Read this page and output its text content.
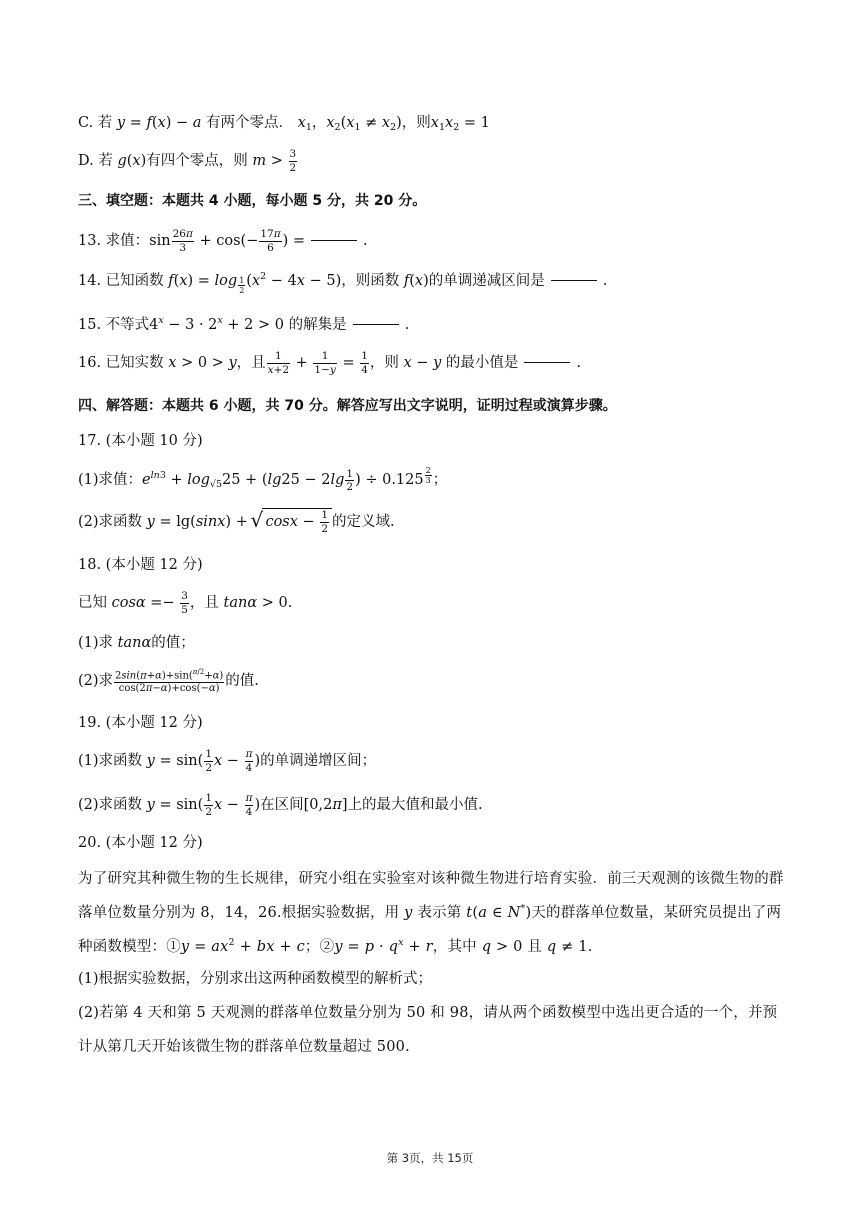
C. 若 y = f(x) − a 有两个零点． $x_1$，$x_2(x_1 \ne x_2)$，则$x_1x_2 = 1$
D. 若 g(x)有四个零点，则 $m > \frac{3}{2}$
三、填空题：本题共 4 小题，每小题 5 分，共 20 分。
13. 求值：$\sin \frac{26\pi}{3} + \cos(- \frac{17\pi}{6}$ ) =	.
14. 已知函数 f(x) = log $_{\frac{1}{2}}$ $(x^2 - 4x - 5)$，则函数 f(x)的单调递减区间是	.
15. 不等式$4^x - 3 \cdot 2^x + 2 > 0$ 的解集是	.
16. 已知实数 x > 0 > y，且 $\frac{1}{x+2} + \frac{1}{1-y} = \frac{1}{4}$ ，则 x − y 的最小值是	.
四、解答题：本题共 6 小题，共 70 分。解答应写出文字说明，证明过程或演算步骤。
17. (本小题 10 分)
(1)求值：$e^{ln3} + \log_{√5}25 + (\lg 25 - 2\lg \frac{1}{2}$ ) ÷ 0.125 $^{\frac{2}{3}}$ ；
(2)求函数 y = lg(sinx) + √ $\cos x - \frac{1}{2}$ 的定义域.
18. (本小题 12 分)
已知 $\cos\alpha =- \frac{3}{5}$ ，且 tanα > 0.
(1)求 tanα的值；
(2)求 $\frac{2\sin(\pi+\alpha)+\sin(^{\pi/2}+\alpha)}{\cos(2\pi-\alpha)+\cos(-\alpha)}$ 的值.
19. (本小题 12 分)
(1)求函数 $y = \sin( \frac{1}{2}$ $x - \frac{\pi}{4}$ )的单调递增区间；
(2)求函数 $y = \sin( \frac{1}{2}$ $x - \frac{\pi}{4}$ )在区间[0,2π]上的最大值和最小值.
20. (本小题 12 分)
为了研究其种微生物的生长规律，研究小组在实验室对该种微生物进行培育实验．前三天观测的该微生物的群落单位数量分别为 8，14，26.根据实验数据，用 y 表示第 t(a ∈ N*)天的群落单位数量，某研究员提出了两种函数模型：①y = $ax^2$ + bx + c；②y = $p \cdot q^x + r$，其中 q > 0 且 q ≠ 1.
(1)根据实验数据，分别求出这两种函数模型的解析式；
(2)若第 4 天和第 5 天观测的群落单位数量分别为 50 和 98，请从两个函数模型中选出更合适的一个，并预计从第几天开始该微生物的群落单位数量超过 500.
第 3页，共 15页
